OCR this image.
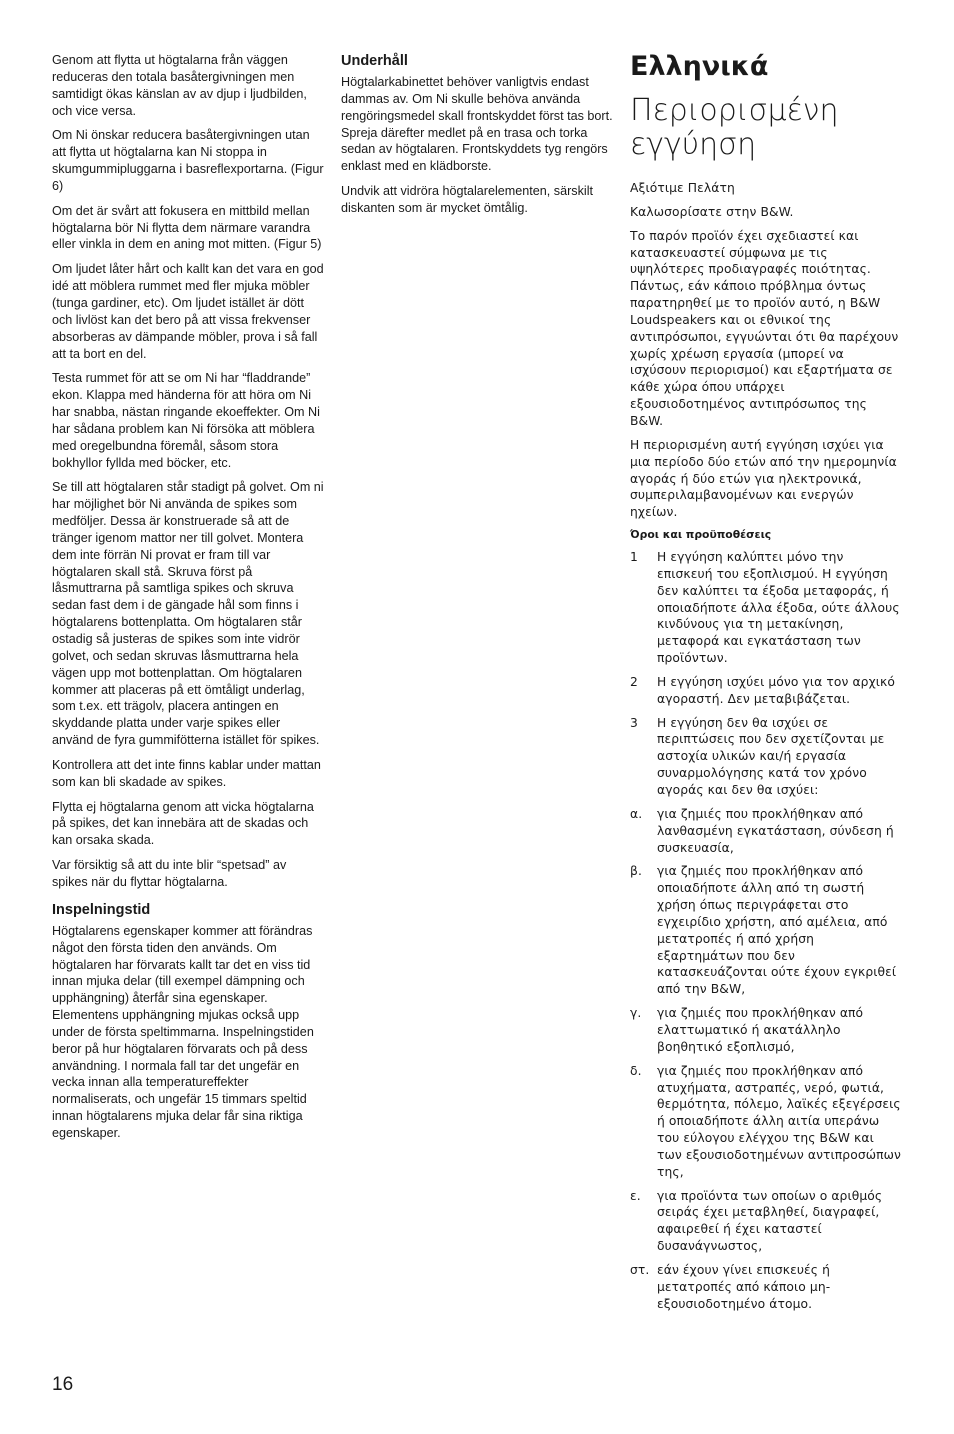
Genom att flytta ut högtalarna från väggen reduceras den totala basåtergivningen men samtidigt ökas känslan av av djup i ljudbilden, och vice versa.

Om Ni önskar reducera basåtergivningen utan att flytta ut högtalarna kan Ni stoppa in skumgummipluggarna i basreflexportarna. (Figur 6)

Om det är svårt att fokusera en mittbild mellan högtalarna bör Ni flytta dem närmare varandra eller vinkla in dem en aning mot mitten. (Figur 5)

Om ljudet låter hårt och kallt kan det vara en god idé att möblera rummet med fler mjuka möbler (tunga gardiner, etc). Om ljudet istället är dött och livlöst kan det bero på att vissa frekvenser absorberas av dämpande möbler, prova i så fall att ta bort en del.

Testa rummet för att se om Ni har “fladdrande” ekon. Klappa med händerna för att höra om Ni har snabba, nästan ringande ekoeffekter. Om Ni har sådana problem kan Ni försöka att möblera med oregelbundna föremål, såsom stora bokhyllor fyllda med böcker, etc.

Se till att högtalaren står stadigt på golvet. Om ni har möjlighet bör Ni använda de spikes som medföljer. Dessa är konstruerade så att de tränger igenom mattor ner till golvet. Montera dem inte förrän Ni provat er fram till var högtalaren skall stå. Skruva först på låsmuttrarna på samtliga spikes och skruva sedan fast dem i de gängade hål som finns i högtalarens bottenplatta. Om högtalaren står ostadig så justeras de spikes som inte vidrör golvet, och sedan skruvas låsmuttrarna hela vägen upp mot bottenplattan. Om högtalaren kommer att placeras på ett ömtåligt underlag, som t.ex. ett trägolv, placera antingen en skyddande platta under varje spikes eller använd de fyra gummifötterna istället för spikes.

Kontrollera att det inte finns kablar under mattan som kan bli skadade av spikes.

Flytta ej högtalarna genom att vicka högtalarna på spikes, det kan innebära att de skadas och kan orsaka skada.

Var försiktig så att du inte blir “spetsad” av spikes när du flyttar högtalarna.

Inspelningstid

Högtalarens egenskaper kommer att förändras något den första tiden den används. Om högtalaren har förvarats kallt tar det en viss tid innan mjuka delar (till exempel dämpning och upphängning) återfår sina egenskaper. Elementens upphängning mjukas också upp under de första speltimmarna. Inspelningstiden beror på hur högtalaren förvarats och på dess användning. I normala fall tar det ungefär en vecka innan alla temperatureffekter normaliserats, och ungefär 15 timmars speltid innan högtalarens mjuka delar får sina riktiga egenskaper.

Underhåll

Högtalarkabinettet behöver vanligtvis endast dammas av. Om Ni skulle behöva använda rengöringsmedel skall frontskyddet först tas bort. Spreja därefter medlet på en trasa och torka sedan av högtalaren. Frontskyddets tyg rengörs enklast med en klädborste.

Undvik att vidröra högtalarelementen, särskilt diskanten som är mycket ömtålig.

Ελληνικά
Περιορισμένη
εγγύηση

Αξιότιμε Πελάτη

Καλωσορίσατε στην B&W.

Το παρόν προϊόν έχει σχεδιαστεί και κατασκευαστεί σύμφωνα με τις υψηλότερες προδιαγραφές ποιότητας. Πάντως, εάν κάποιο πρόβλημα όντως παρατηρηθεί με το προϊόν αυτό, η B&W Loudspeakers και οι εθνικοί της αντιπρόσωποι, εγγυώνται ότι θα παρέχουν χωρίς χρέωση εργασία (μπορεί να ισχύσουν περιορισμοί) και εξαρτήματα σε κάθε χώρα όπου υπάρχει εξουσιοδοτημένος αντιπρόσωπος της B&W.

Η περιορισμένη αυτή εγγύηση ισχύει για μια περίοδο δύο ετών από την ημερομηνία αγοράς ή δύο ετών για ηλεκτρονικά, συμπεριλαμβανομένων και ενεργών ηχείων.

Όροι και προϋποθέσεις
1	Η εγγύηση καλύπτει μόνο την επισκευή του εξοπλισμού. Η εγγύηση δεν καλύπτει τα έξοδα μεταφοράς, ή οποιαδήποτε άλλα έξοδα, ούτε άλλους κινδύνους για τη μετακίνηση, μεταφορά και εγκατάσταση των προϊόντων.
2	Η εγγύηση ισχύει μόνο για τον αρχικό αγοραστή. Δεν μεταβιβάζεται.
3	Η εγγύηση δεν θα ισχύει σε περιπτώσεις που δεν σχετίζονται με αστοχία υλικών και/ή εργασία συναρμολόγησης κατά τον χρόνο αγοράς και δεν θα ισχύει:
α.	για ζημιές που προκλήθηκαν από λανθασμένη εγκατάσταση, σύνδεση ή συσκευασία,
β.	για ζημιές που προκλήθηκαν από οποιαδήποτε άλλη από τη σωστή χρήση όπως περιγράφεται στο εγχειρίδιο χρήστη, από αμέλεια, από μετατροπές ή από χρήση εξαρτημάτων που δεν κατασκευάζονται ούτε έχουν εγκριθεί από την B&W,
γ.	για ζημιές που προκλήθηκαν από ελαττωματικό ή ακατάλληλο βοηθητικό εξοπλισμό,
δ.	για ζημιές που προκλήθηκαν από ατυχήματα, αστραπές, νερό, φωτιά, θερμότητα, πόλεμο, λαϊκές εξεγέρσεις ή οποιαδήποτε άλλη αιτία υπεράνω του εύλογου ελέγχου της B&W και των εξουσιοδοτημένων αντιπροσώπων της,
ε.	για προϊόντα των οποίων ο αριθμός σειράς έχει μεταβληθεί, διαγραφεί, αφαιρεθεί ή έχει καταστεί δυσανάγνωστος,
στ. εάν έχουν γίνει επισκευές ή μετατροπές από κάποιο μη-εξουσιοδοτημένο άτομο.
16
